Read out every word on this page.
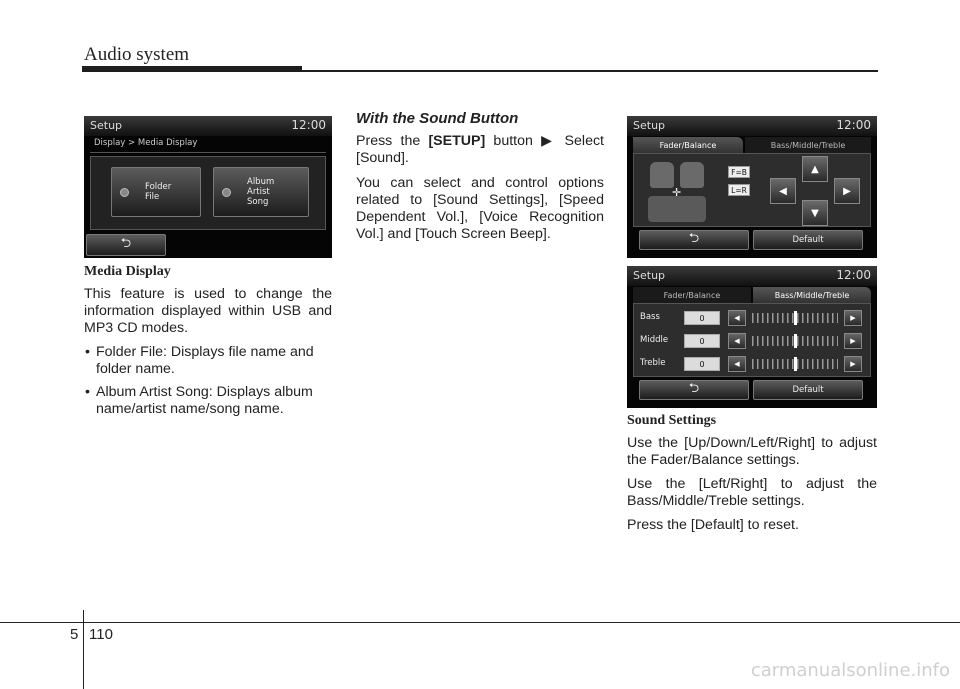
Audio system
Setup	12:00
Display > Media Display
Folder
File
Album
Artist
Song
⮌
Media Display

This feature is used to change the information displayed within USB and MP3 CD modes.

• Folder File: Displays file name and folder name.
• Album Artist Song: Displays album name/artist name/song name.
With the Sound Button

Press the [SETUP] button ▶ Select [Sound].

You can select and control options related to [Sound Settings], [Speed Dependent Vol.], [Voice Recognition Vol.] and [Touch Screen Beep].

Setup	12:00
Fader/Balance	Bass/Middle/Treble
✛
F=B
L=R
▲
◀	▶
▼
⮌	Default
Setup	12:00
Fader/Balance	Bass/Middle/Treble
Bass	0	◀	▶
Middle	0	◀	▶
Treble	0	◀	▶
⮌	Default
Sound Settings

Use the [Up/Down/Left/Right] to adjust the Fader/Balance settings.

Use the [Left/Right] to adjust the Bass/Middle/Treble settings.

Press the [Default] to reset.

5 110
carmanualsonline.info
